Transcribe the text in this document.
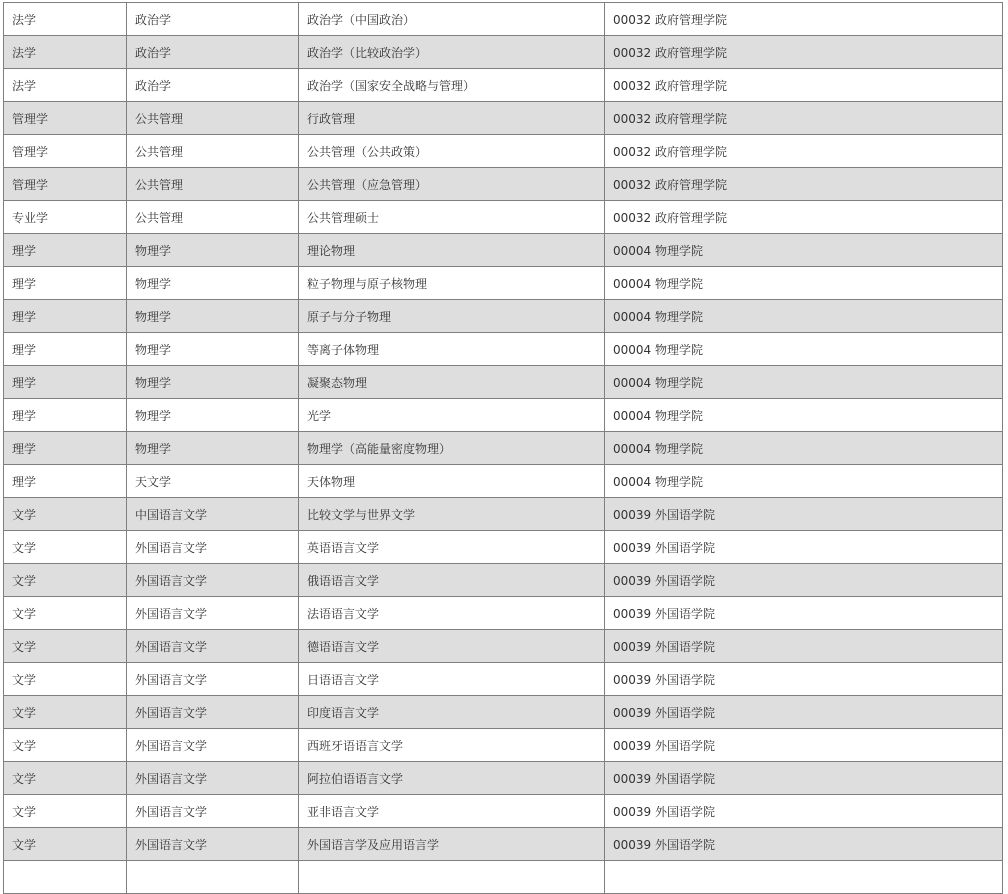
法学	政治学	政治学（中国政治）	00032 政府管理学院
法学	政治学	政治学（比较政治学）	00032 政府管理学院
法学	政治学	政治学（国家安全战略与管理）	00032 政府管理学院
管理学	公共管理	行政管理	00032 政府管理学院
管理学	公共管理	公共管理（公共政策）	00032 政府管理学院
管理学	公共管理	公共管理（应急管理）	00032 政府管理学院
专业学	公共管理	公共管理硕士	00032 政府管理学院
理学	物理学	理论物理	00004 物理学院
理学	物理学	粒子物理与原子核物理	00004 物理学院
理学	物理学	原子与分子物理	00004 物理学院
理学	物理学	等离子体物理	00004 物理学院
理学	物理学	凝聚态物理	00004 物理学院
理学	物理学	光学	00004 物理学院
理学	物理学	物理学（高能量密度物理）	00004 物理学院
理学	天文学	天体物理	00004 物理学院
文学	中国语言文学	比较文学与世界文学	00039 外国语学院
文学	外国语言文学	英语语言文学	00039 外国语学院
文学	外国语言文学	俄语语言文学	00039 外国语学院
文学	外国语言文学	法语语言文学	00039 外国语学院
文学	外国语言文学	德语语言文学	00039 外国语学院
文学	外国语言文学	日语语言文学	00039 外国语学院
文学	外国语言文学	印度语言文学	00039 外国语学院
文学	外国语言文学	西班牙语语言文学	00039 外国语学院
文学	外国语言文学	阿拉伯语语言文学	00039 外国语学院
文学	外国语言文学	亚非语言文学	00039 外国语学院
文学	外国语言文学	外国语言学及应用语言学	00039 外国语学院
